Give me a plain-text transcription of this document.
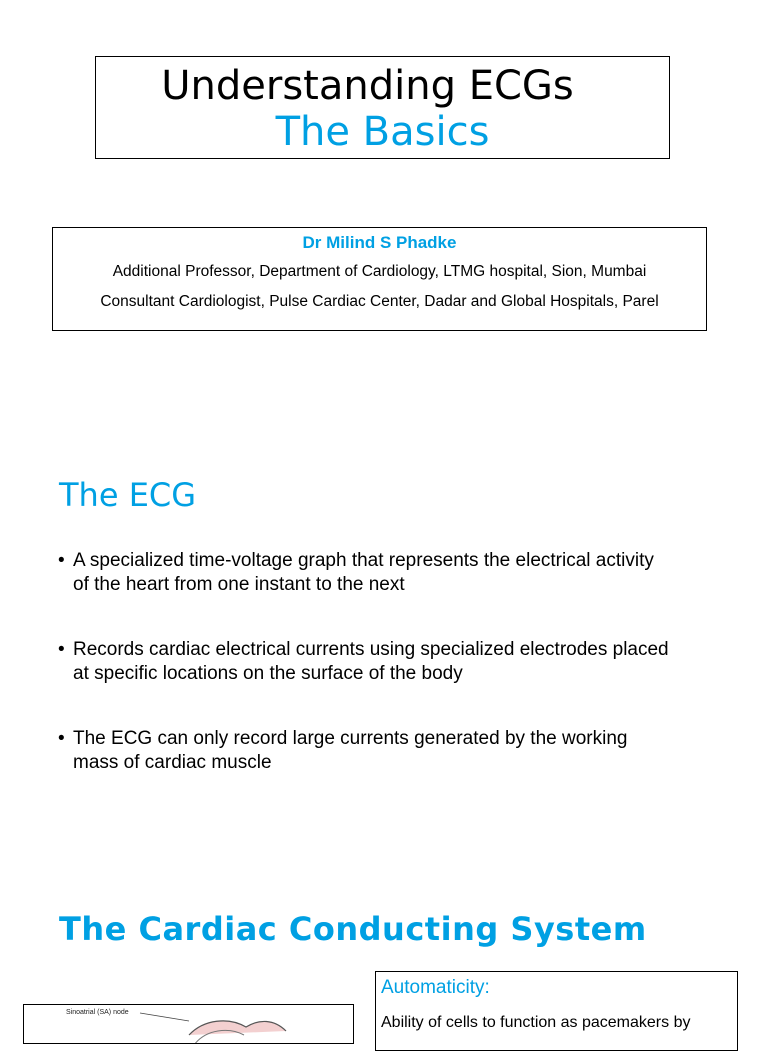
Understanding ECGs
The Basics
Dr Milind S Phadke
Additional Professor, Department of Cardiology, LTMG hospital, Sion, Mumbai
Consultant Cardiologist, Pulse Cardiac Center, Dadar and Global Hospitals, Parel
The ECG
• A specialized time-voltage graph that represents the electrical activity
of the heart from one instant to the next
• Records cardiac electrical currents using specialized electrodes placed
at specific locations on the surface of the body
• The ECG can only record large currents generated by the working
mass of cardiac muscle
The Cardiac Conducting System
Sinoatrial (SA) node
Automaticity:
Ability of cells to function as pacemakers by
